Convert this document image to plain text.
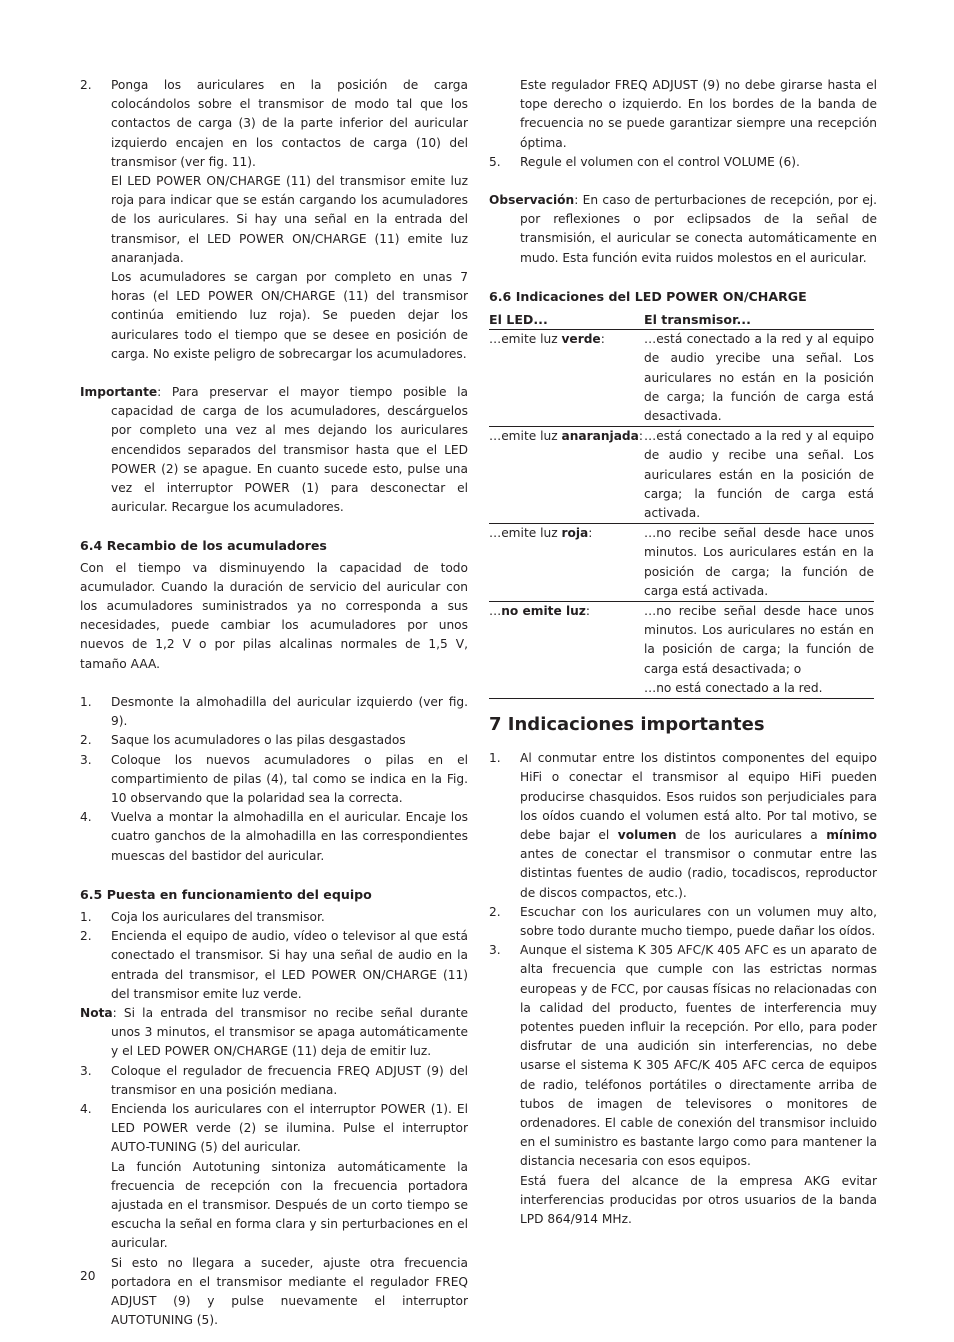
2. Ponga los auriculares en la posición de carga colocándolos sobre el transmisor de modo tal que los contactos de carga (3) de la parte inferior del auricular izquierdo encajen en los contactos de carga (10) del transmisor (ver fig. 11).

El LED POWER ON/CHARGE (11) del transmisor emite luz roja para indicar que se están cargando los acumuladores de los auriculares. Si hay una señal en la entrada del transmisor, el LED POWER ON/CHARGE (11) emite luz anaranjada.

Los acumuladores se cargan por completo en unas 7 horas (el LED POWER ON/CHARGE (11) del transmisor continúa emitiendo luz roja). Se pueden dejar los auriculares todo el tiempo que se desee en posición de carga. No existe peligro de sobrecargar los acumuladores.

Importante: Para preservar el mayor tiempo posible la capacidad de carga de los acumuladores, descárguelos por completo una vez al mes dejando los auriculares encendidos separados del transmisor hasta que el LED POWER (2) se apague. En cuanto sucede esto, pulse una vez el interruptor POWER (1) para desconectar el auricular. Recargue los acumuladores.

6.4 Recambio de los acumuladores

Con el tiempo va disminuyendo la capacidad de todo acumulador. Cuando la duración de servicio del auricular con los acumuladores suministrados ya no corresponda a sus necesidades, puede cambiar los acumuladores por unos nuevos de 1,2 V o por pilas alcalinas normales de 1,5 V, tamaño AAA.

1. Desmonte la almohadilla del auricular izquierdo (ver fig. 9).

2. Saque los acumuladores o las pilas desgastados

3. Coloque los nuevos acumuladores o pilas en el compartimiento de pilas (4), tal como se indica en la Fig. 10 observando que la polaridad sea la correcta.

4. Vuelva a montar la almohadilla en el auricular. Encaje los cuatro ganchos de la almohadilla en las correspondientes muescas del bastidor del auricular.

6.5 Puesta en funcionamiento del equipo

1. Coja los auriculares del transmisor.

2. Encienda el equipo de audio, vídeo o televisor al que está conectado el transmisor. Si hay una señal de audio en la entrada del transmisor, el LED POWER ON/CHARGE (11) del transmisor emite luz verde.

Nota: Si la entrada del transmisor no recibe señal durante unos 3 minutos, el transmisor se apaga automáticamente y el LED POWER ON/CHARGE (11) deja de emitir luz.

3. Coloque el regulador de frecuencia FREQ ADJUST (9) del transmisor en una posición mediana.

4. Encienda los auriculares con el interruptor POWER (1). El LED POWER verde (2) se ilumina. Pulse el interruptor AUTO-TUNING (5) del auricular.

La función Autotuning sintoniza automáticamente la frecuencia de recepción con la frecuencia portadora ajustada en el transmisor. Después de un corto tiempo se escucha la señal en forma clara y sin perturbaciones en el auricular.

Si esto no llegara a suceder, ajuste otra frecuencia portadora en el transmisor mediante el regulador FREQ ADJUST (9) y pulse nuevamente el interruptor AUTOTUNING (5).

Este regulador FREQ ADJUST (9) no debe girarse hasta el tope derecho o izquierdo. En los bordes de la banda de frecuencia no se puede garantizar siempre una recepción óptima.

5. Regule el volumen con el control VOLUME (6).

Observación: En caso de perturbaciones de recepción, por ej. por reflexiones o por eclipsados de la señal de transmisión, el auricular se conecta automáticamente en mudo. Esta función evita ruidos molestos en el auricular.

6.6 Indicaciones del LED POWER ON/CHARGE

El LED...	El transmisor...
…emite luz verde:	…está conectado a la red y al equipo de audio yrecibe una señal. Los auriculares no están en la posición de carga; la función de carga está desactivada.
…emite luz anaranjada:	…está conectado a la red y al equipo de audio y recibe una señal. Los auriculares están en la posición de carga; la función de carga está activada.
…emite luz roja:	…no recibe señal desde hace unos minutos. Los auriculares están en la posición de carga; la función de carga está activada.
…no emite luz:	…no recibe señal desde hace unos minutos. Los auriculares no están en la posición de carga; la función de carga está desactivada; o
…no está conectado a la red.

7 Indicaciones importantes

1. Al conmutar entre los distintos componentes del equipo HiFi o conectar el transmisor al equipo HiFi pueden producirse chasquidos. Esos ruidos son perjudiciales para los oídos cuando el volumen está alto. Por tal motivo, se debe bajar el volumen de los auriculares a mínimo antes de conectar el transmisor o conmutar entre las distintas fuentes de audio (radio, tocadiscos, reproductor de discos compactos, etc.).

2. Escuchar con los auriculares con un volumen muy alto, sobre todo durante mucho tiempo, puede dañar los oídos.

3. Aunque el sistema K 305 AFC/K 405 AFC es un aparato de alta frecuencia que cumple con las estrictas normas europeas y de FCC, por causas físicas no relacionadas con la calidad del producto, fuentes de interferencia muy potentes pueden influir la recepción. Por ello, para poder disfrutar de una audición sin interferencias, no debe usarse el sistema K 305 AFC/K 405 AFC cerca de equipos de radio, teléfonos portátiles o directamente arriba de tubos de imagen de televisores o monitores de ordenadores. El cable de conexión del transmisor incluido en el suministro es bastante largo como para mantener la distancia necesaria con esos equipos.

Está fuera del alcance de la empresa AKG evitar interferencias producidas por otros usuarios de la banda LPD 864/914 MHz.

20
